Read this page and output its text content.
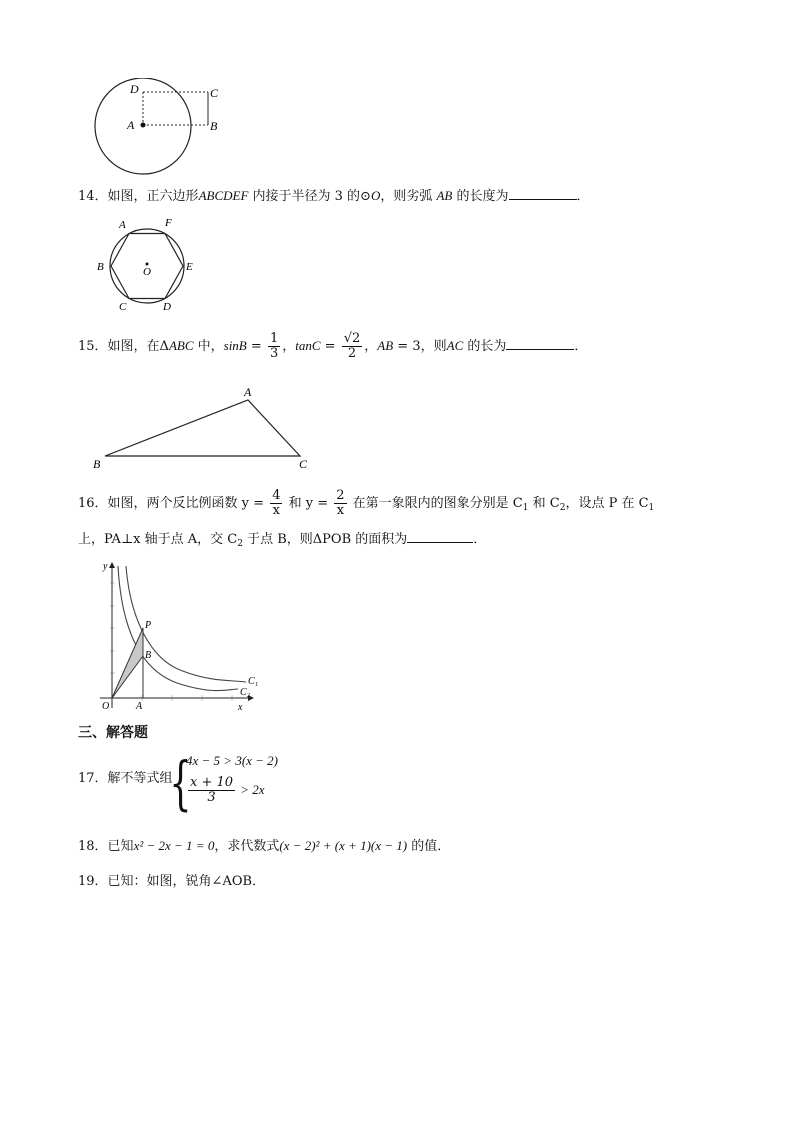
D	C
A	B
14．如图，正六边形ABCDEF 内接于半径为 3 的⊙O，则劣弧 AB 的长度为	．
A	F
B	O	E
C	D
15．如图，在ΔABC 中，$\sin B = \frac{1}{3}$ ，$\tan C = \frac{√2}{2}$ ，AB = 3，则AC 的长为	．
A
B	C
16．如图，两个反比例函数 $y = \frac{4}{x}$ 和 $y = \frac{2}{x}$ 在第一象限内的图象分别是 $C_1$ 和 $C_2$，设点 P 在 $C_1$
上，PA⊥x 轴于点 A，交 $C_2$ 于点 B，则ΔPOB 的面积为	．
y
x
O	A
P
B
C₁
C₂
三、解答题
17．解不等式组
{
4x − 5 > 3(x − 2)
$\frac{x + 10}{3} > 2x$
18．已知x² − 2x − 1 = 0，求代数式(x − 2)² + (x + 1)(x − 1) 的值．
19．已知：如图，锐角∠AOB．
